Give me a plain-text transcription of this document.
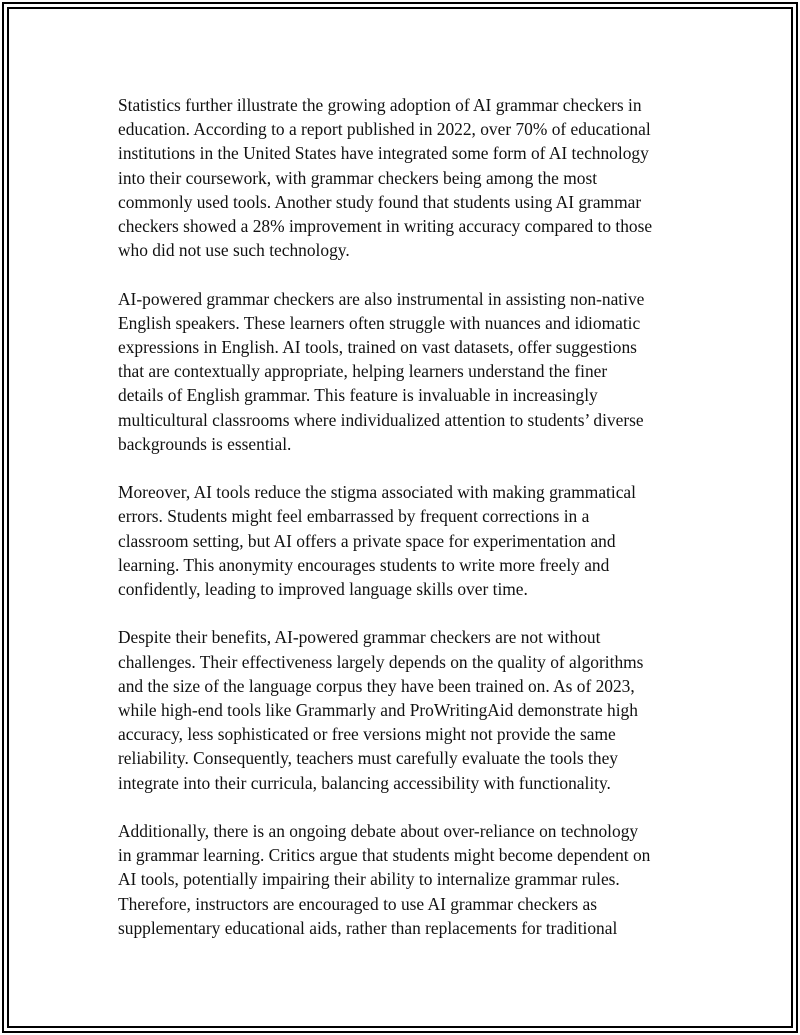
Statistics further illustrate the growing adoption of AI grammar checkers in
education. According to a report published in 2022, over 70% of educational
institutions in the United States have integrated some form of AI technology
into their coursework, with grammar checkers being among the most
commonly used tools. Another study found that students using AI grammar
checkers showed a 28% improvement in writing accuracy compared to those
who did not use such technology.

AI-powered grammar checkers are also instrumental in assisting non-native
English speakers. These learners often struggle with nuances and idiomatic
expressions in English. AI tools, trained on vast datasets, offer suggestions
that are contextually appropriate, helping learners understand the finer
details of English grammar. This feature is invaluable in increasingly
multicultural classrooms where individualized attention to students’ diverse
backgrounds is essential.

Moreover, AI tools reduce the stigma associated with making grammatical
errors. Students might feel embarrassed by frequent corrections in a
classroom setting, but AI offers a private space for experimentation and
learning. This anonymity encourages students to write more freely and
confidently, leading to improved language skills over time.

Despite their benefits, AI-powered grammar checkers are not without
challenges. Their effectiveness largely depends on the quality of algorithms
and the size of the language corpus they have been trained on. As of 2023,
while high-end tools like Grammarly and ProWritingAid demonstrate high
accuracy, less sophisticated or free versions might not provide the same
reliability. Consequently, teachers must carefully evaluate the tools they
integrate into their curricula, balancing accessibility with functionality.

Additionally, there is an ongoing debate about over-reliance on technology
in grammar learning. Critics argue that students might become dependent on
AI tools, potentially impairing their ability to internalize grammar rules.
Therefore, instructors are encouraged to use AI grammar checkers as
supplementary educational aids, rather than replacements for traditional
